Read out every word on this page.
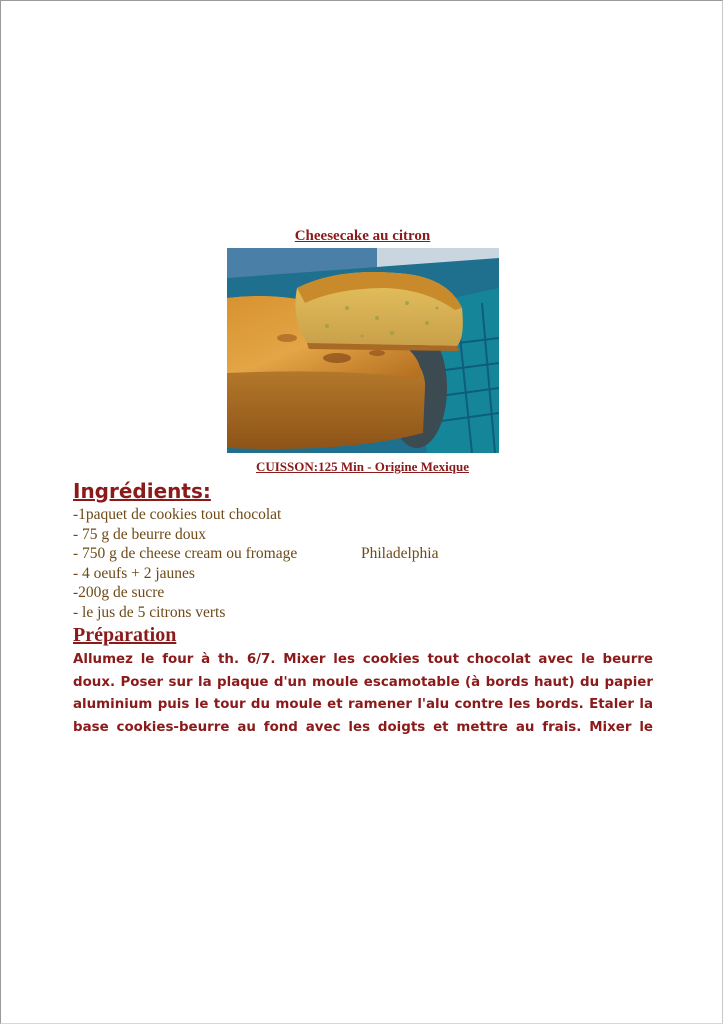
Cheesecake au citron
CUISSON:125 Min - Origine Mexique
Ingrédients:
-1paquet de cookies tout chocolat
- 75 g de beurre doux
- 750 g de cheese cream ou fromage	Philadelphia
- 4 oeufs + 2 jaunes
-200g de sucre
- le jus de 5 citrons verts
Préparation

Allumez le four à th. 6/7. Mixer les cookies tout chocolat avec le beurre doux. Poser sur la plaque d'un moule escamotable (à bords haut) du papier aluminium puis le tour du moule et ramener l'alu contre les bords. Etaler la base cookies-beurre au fond avec les doigts et mettre au frais. Mixer le
